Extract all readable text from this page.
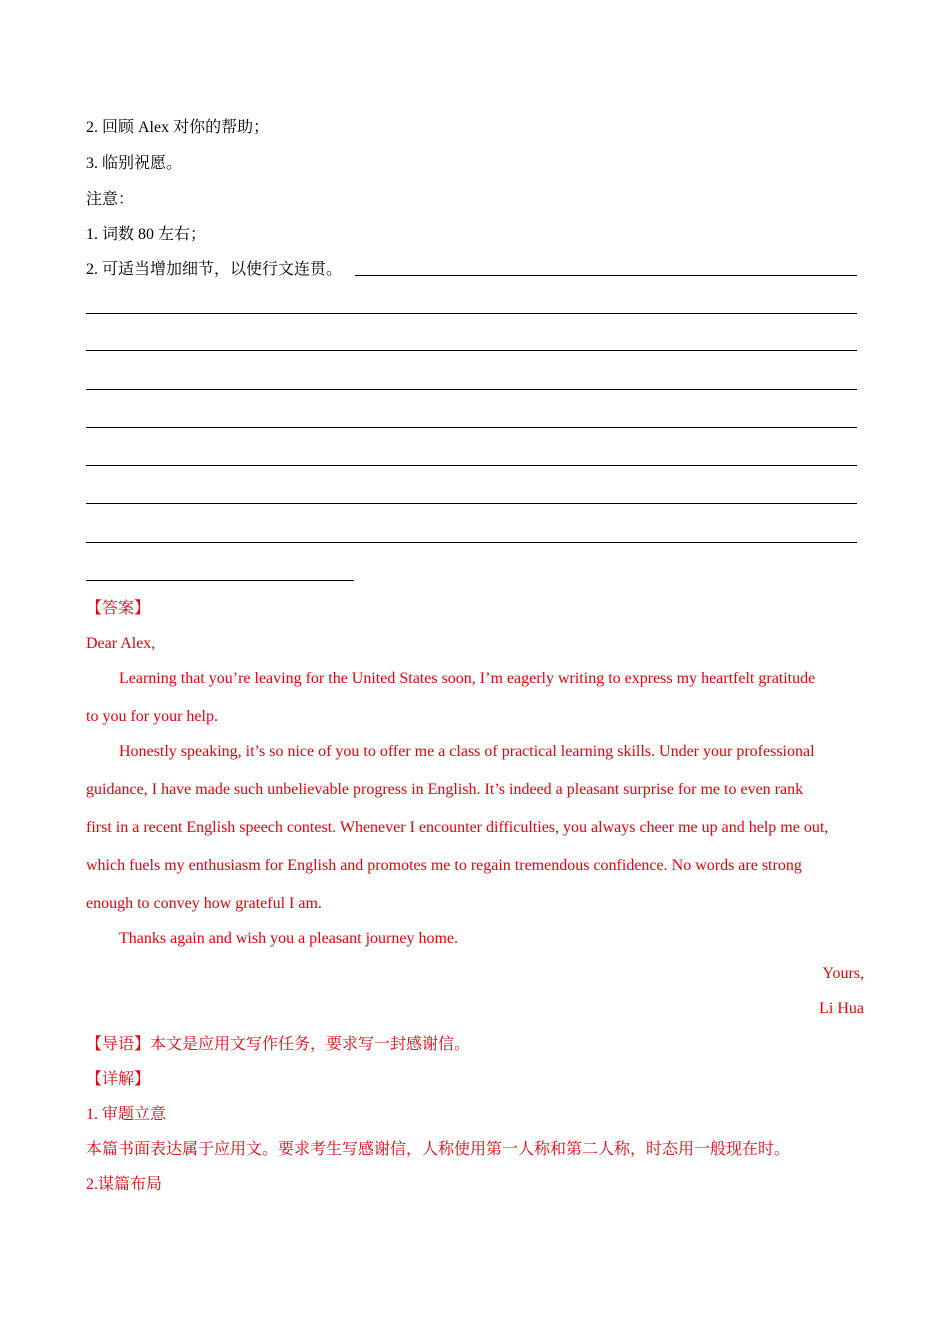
2. 回顾 Alex 对你的帮助；
3. 临别祝愿。
注意：
1. 词数 80 左右；
2. 可适当增加细节，以使行文连贯。
【答案】
Dear Alex,
Learning that you’re leaving for the United States soon, I’m eagerly writing to express my heartfelt gratitude
to you for your help.
Honestly speaking, it’s so nice of you to offer me a class of practical learning skills. Under your professional
guidance, I have made such unbelievable progress in English. It’s indeed a pleasant surprise for me to even rank
first in a recent English speech contest. Whenever I encounter difficulties, you always cheer me up and help me out,
which fuels my enthusiasm for English and promotes me to regain tremendous confidence. No words are strong
enough to convey how grateful I am.
Thanks again and wish you a pleasant journey home.
Yours,
Li Hua
【导语】本文是应用文写作任务，要求写一封感谢信。
【详解】
1. 审题立意
本篇书面表达属于应用文。要求考生写感谢信，人称使用第一人称和第二人称，时态用一般现在时。
2.谋篇布局
